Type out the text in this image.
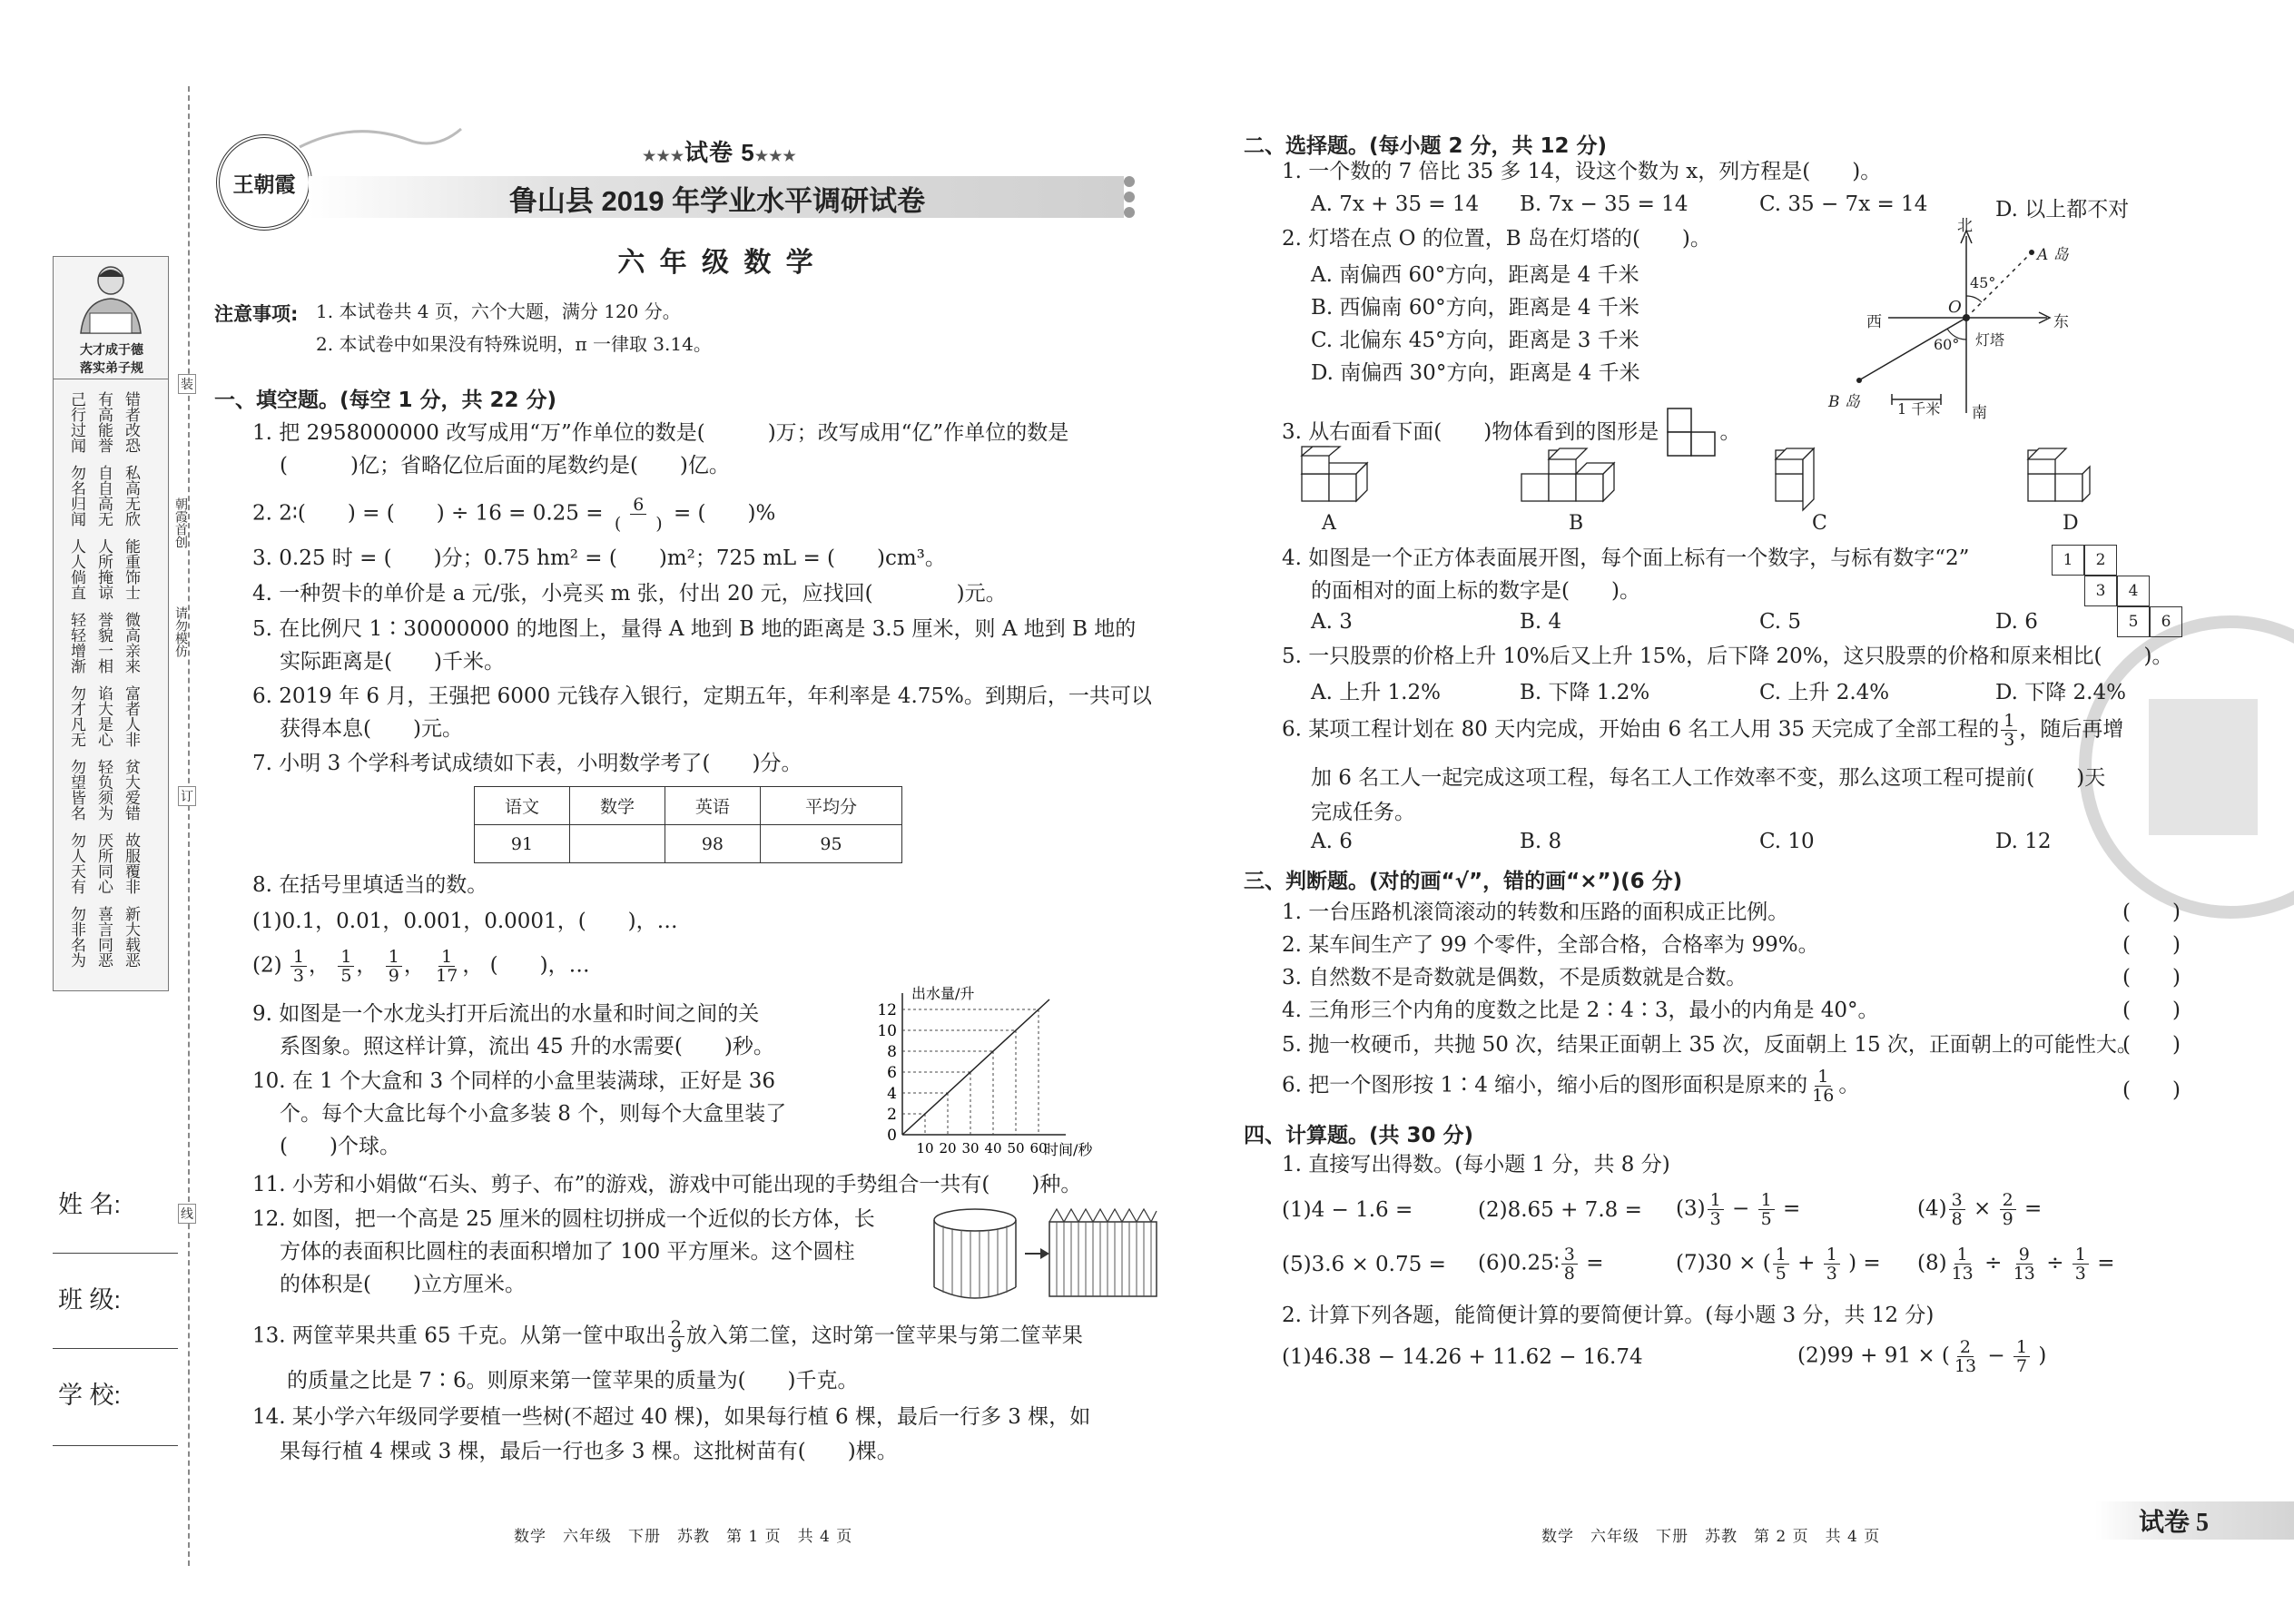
大才成于德
落实弟子规
己行过闻 有高能誉 错者改恐
勿名归闻 自自高无 私高无欣
人人倘直 人所掩谅 能重饰士
轻轻增渐 誉貌一相 微高亲来
勿才凡无 谄大是心 富者人非
勿望皆名 轻负须为 贫大爱错
勿人天有 厌所同心 故服覆非
勿非名为 喜言同恶 新大载恶
朝霞首创
请勿模仿
装
订
线
姓 名:
班 级:
学 校:
王朝霞
★★★试卷 5★★★
鲁山县 2019 年学业水平调研试卷
六 年 级 数 学
注意事项: 1. 本试卷共 4 页，六个大题，满分 120 分。
2. 本试卷中如果没有特殊说明，π 一律取 3.14。
一、填空题。(每空 1 分，共 22 分)
1. 把 2958000000 改写成用“万”作单位的数是(　　　)万；改写成用“亿”作单位的数是
(　　　)亿；省略亿位后面的尾数约是(　　)亿。
2. 2∶(　　) = (　　) ÷ $16 = 0.25 = \frac{6}{( )}$ = (　　)%
3. 0.25 时 = (　　)分；0.75 hm² = (　　)m²；725 mL = (　　)cm³。
4. 一种贺卡的单价是 a 元/张，小亮买 m 张，付出 20 元，应找回(　　　　)元。
5. 在比例尺 1∶30000000 的地图上，量得 A 地到 B 地的距离是 3.5 厘米，则 A 地到 B 地的
实际距离是(　　)千米。
6. 2019 年 6 月，王强把 6000 元钱存入银行，定期五年，年利率是 4.75%。到期后，一共可以
获得本息(　　)元。
7. 小明 3 个学科考试成绩如下表，小明数学考了(　　)分。
语文	数学	英语	平均分
91		98	95
8. 在括号里填适当的数。
(1)0.1，0.01，0.001，0.0001，(　　)，…
$(2) \frac{1}{3}$ ， $\frac{1}{5}$ ， $\frac{1}{9}$ ， $\frac{1}{17}$ ， (　　)，…
9. 如图是一个水龙头打开后流出的水量和时间之间的关
系图象。照这样计算，流出 45 升的水需要(　　)秒。
0
2
4
6
8
10
12
10 20 30 40 50 60
出水量/升
时间/秒
10. 在 1 个大盒和 3 个同样的小盒里装满球，正好是 36
个。每个大盒比每个小盒多装 8 个，则每个大盒里装了
(　　)个球。
11. 小芳和小娟做“石头、剪子、布”的游戏，游戏中可能出现的手势组合一共有(　　)种。
12. 如图，把一个高是 25 厘米的圆柱切拼成一个近似的长方体，长
方体的表面积比圆柱的表面积增加了 100 平方厘米。这个圆柱
的体积是(　　)立方厘米。
13. 两筐苹果共重 65 千克。从第一筐中取出 $\frac{2}{9}$ 放入第二筐，这时第一筐苹果与第二筐苹果
的质量之比是 7∶6。则原来第一筐苹果的质量为(　　)千克。
14. 某小学六年级同学要植一些树(不超过 40 棵)，如果每行植 6 棵，最后一行多 3 棵，如
果每行植 4 棵或 3 棵，最后一行也多 3 棵。这批树苗有(　　)棵。
数学　六年级　下册　苏教　第 1 页　共 4 页
二、选择题。(每小题 2 分，共 12 分)
1. 一个数的 7 倍比 35 多 14，设这个数为 x，列方程是(　　)。
A. 7x + 35 = 14 B. 7x − 35 = 14	C. 35 − 7x = 14	D. 以上都不对
2. 灯塔在点 O 的位置，B 岛在灯塔的(　　)。
A. 南偏西 60°方向，距离是 4 千米
B. 西偏南 60°方向，距离是 4 千米
C. 北偏东 45°方向，距离是 3 千米
D. 南偏西 30°方向，距离是 4 千米
北
南
东
西
A 岛
B 岛
O
45°
60° 灯塔
1 千米
3. 从右面看下面(　　)物体看到的图形是	。
A	B	C	D
4. 如图是一个正方体表面展开图，每个面上标有一个数字，与标有数字“2”
的面相对的面上标的数字是(　　)。
1	2
3	4
5	6
A. 3	B. 4	C. 5	D. 6
5. 一只股票的价格上升 10%后又上升 15%，后下降 20%，这只股票的价格和原来相比(　　)。
A. 上升 1.2%	B. 下降 1.2%	C. 上升 2.4%	D. 下降 2.4%
6. 某项工程计划在 80 天内完成，开始由 6 名工人用 35 天完成了全部工程的 $\frac{1}{3}$ ，随后再增
加 6 名工人一起完成这项工程，每名工人工作效率不变，那么这项工程可提前(　　)天
完成任务。
A. 6	B. 8	C. 10	D. 12
三、判断题。(对的画“√”，错的画“×”)(6 分)
1. 一台压路机滚筒滚动的转数和压路的面积成正比例。
2. 某车间生产了 99 个零件，全部合格，合格率为 99%。
3. 自然数不是奇数就是偶数，不是质数就是合数。
4. 三角形三个内角的度数之比是 2∶4∶3，最小的内角是 40°。
5. 抛一枚硬币，共抛 50 次，结果正面朝上 35 次，反面朝上 15 次，正面朝上的可能性大。
6. 把一个图形按 1∶4 缩小，缩小后的图形面积是原来的 $\frac{1}{16}$ 。
(　　)
(　　)
(　　)
(　　)
(　　)
(　　)
四、计算题。(共 30 分)
1. 直接写出得数。(每小题 1 分，共 8 分)
(1)4 − 1.6 =	$(2)8.65 + 7.8 = (3) \frac{1}{3} - \frac{1}{5}$ =	$(4) \frac{3}{8} \times \frac{2}{9}$ =
(5)3.6 × 0.75 = (6)0.25∶ $\frac{3}{8}$ =	(7)30 × ( $\frac{1}{5} + \frac{1}{3}$ ) = $(8) \frac{1}{13} \div \frac{9}{13} \div \frac{1}{3}$ =
2. 计算下列各题，能简便计算的要简便计算。(每小题 3 分，共 12 分)
(1)46.38 − 14.26 + 11.62 − 16.74	(2)99 + 91 × ( $\frac{2}{13} - \frac{1}{7}$ )
数学　六年级　下册　苏教　第 2 页　共 4 页	试卷 5
